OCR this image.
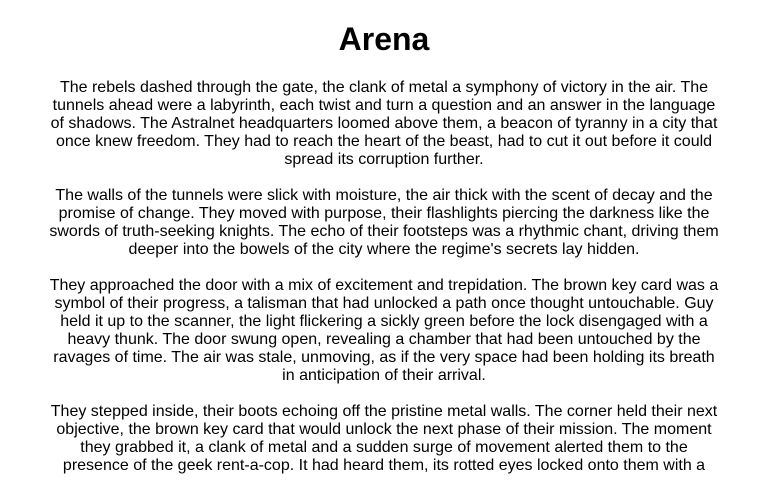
Arena

The rebels dashed through the gate, the clank of metal a symphony of victory in the air. The tunnels ahead were a labyrinth, each twist and turn a question and an answer in the language of shadows. The Astralnet headquarters loomed above them, a beacon of tyranny in a city that once knew freedom. They had to reach the heart of the beast, had to cut it out before it could spread its corruption further.

The walls of the tunnels were slick with moisture, the air thick with the scent of decay and the promise of change. They moved with purpose, their flashlights piercing the darkness like the swords of truth-seeking knights. The echo of their footsteps was a rhythmic chant, driving them deeper into the bowels of the city where the regime's secrets lay hidden.

They approached the door with a mix of excitement and trepidation. The brown key card was a symbol of their progress, a talisman that had unlocked a path once thought untouchable. Guy held it up to the scanner, the light flickering a sickly green before the lock disengaged with a heavy thunk. The door swung open, revealing a chamber that had been untouched by the ravages of time. The air was stale, unmoving, as if the very space had been holding its breath in anticipation of their arrival.

They stepped inside, their boots echoing off the pristine metal walls. The corner held their next objective, the brown key card that would unlock the next phase of their mission. The moment they grabbed it, a clank of metal and a sudden surge of movement alerted them to the presence of the geek rent-a-cop. It had heard them, its rotted eyes locked onto them with a
